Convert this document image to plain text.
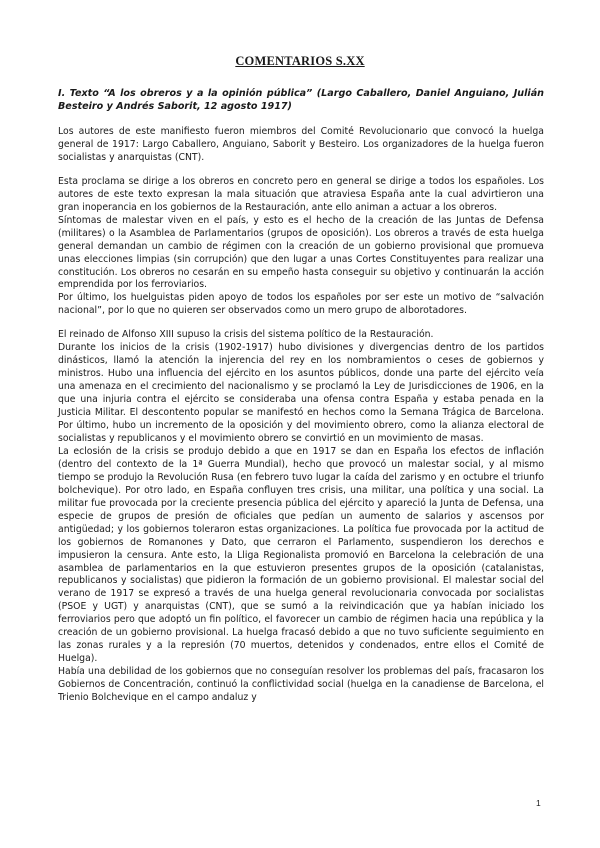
COMENTARIOS S.XX
I. Texto “A los obreros y a la opinión pública” (Largo Caballero, Daniel Anguiano, Julián Besteiro y Andrés Saborit, 12 agosto 1917)

Los autores de este manifiesto fueron miembros del Comité Revolucionario que convocó la huelga general de 1917: Largo Caballero, Anguiano, Saborit y Besteiro. Los organizadores de la huelga fueron socialistas y anarquistas (CNT).

Esta proclama se dirige a los obreros en concreto pero en general se dirige a todos los españoles. Los autores de este texto expresan la mala situación que atraviesa España ante la cual advirtieron una gran inoperancia en los gobiernos de la Restauración, ante ello animan a actuar a los obreros.

Síntomas de malestar viven en el país, y esto es el hecho de la creación de las Juntas de Defensa (militares) o la Asamblea de Parlamentarios (grupos de oposición). Los obreros a través de esta huelga general demandan un cambio de régimen con la creación de un gobierno provisional que promueva unas elecciones limpias (sin corrupción) que den lugar a unas Cortes Constituyentes para realizar una constitución. Los obreros no cesarán en su empeño hasta conseguir su objetivo y continuarán la acción emprendida por los ferroviarios.

Por último, los huelguistas piden apoyo de todos los españoles por ser este un motivo de “salvación nacional”, por lo que no quieren ser observados como un mero grupo de alborotadores.

El reinado de Alfonso XIII supuso la crisis del sistema político de la Restauración.

Durante los inicios de la crisis (1902-1917) hubo divisiones y divergencias dentro de los partidos dinásticos, llamó la atención la injerencia del rey en los nombramientos o ceses de gobiernos y ministros. Hubo una influencia del ejército en los asuntos públicos, donde una parte del ejército veía una amenaza en el crecimiento del nacionalismo y se proclamó la Ley de Jurisdicciones de 1906, en la que una injuria contra el ejército se consideraba una ofensa contra España y estaba penada en la Justicia Militar. El descontento popular se manifestó en hechos como la Semana Trágica de Barcelona. Por último, hubo un incremento de la oposición y del movimiento obrero, como la alianza electoral de socialistas y republicanos y el movimiento obrero se convirtió en un movimiento de masas.

La eclosión de la crisis se produjo debido a que en 1917 se dan en España los efectos de inflación (dentro del contexto de la 1ª Guerra Mundial), hecho que provocó un malestar social, y al mismo tiempo se produjo la Revolución Rusa (en febrero tuvo lugar la caída del zarismo y en octubre el triunfo bolchevique). Por otro lado, en España confluyen tres crisis, una militar, una política y una social. La militar fue provocada por la creciente presencia pública del ejército y apareció la Junta de Defensa, una especie de grupos de presión de oficiales que pedían un aumento de salarios y ascensos por antigüedad; y los gobiernos toleraron estas organizaciones. La política fue provocada por la actitud de los gobiernos de Romanones y Dato, que cerraron el Parlamento, suspendieron los derechos e impusieron la censura. Ante esto, la Lliga Regionalista promovió en Barcelona la celebración de una asamblea de parlamentarios en la que estuvieron presentes grupos de la oposición (catalanistas, republicanos y socialistas) que pidieron la formación de un gobierno provisional. El malestar social del verano de 1917 se expresó a través de una huelga general revolucionaria convocada por socialistas (PSOE y UGT) y anarquistas (CNT), que se sumó a la reivindicación que ya habían iniciado los ferroviarios pero que adoptó un fin político, el favorecer un cambio de régimen hacia una república y la creación de un gobierno provisional. La huelga fracasó debido a que no tuvo suficiente seguimiento en las zonas rurales y a la represión (70 muertos, detenidos y condenados, entre ellos el Comité de Huelga).

Había una debilidad de los gobiernos que no conseguían resolver los problemas del país, fracasaron los Gobiernos de Concentración, continuó la conflictividad social (huelga en la canadiense de Barcelona, el Trienio Bolchevique en el campo andaluz y

1
